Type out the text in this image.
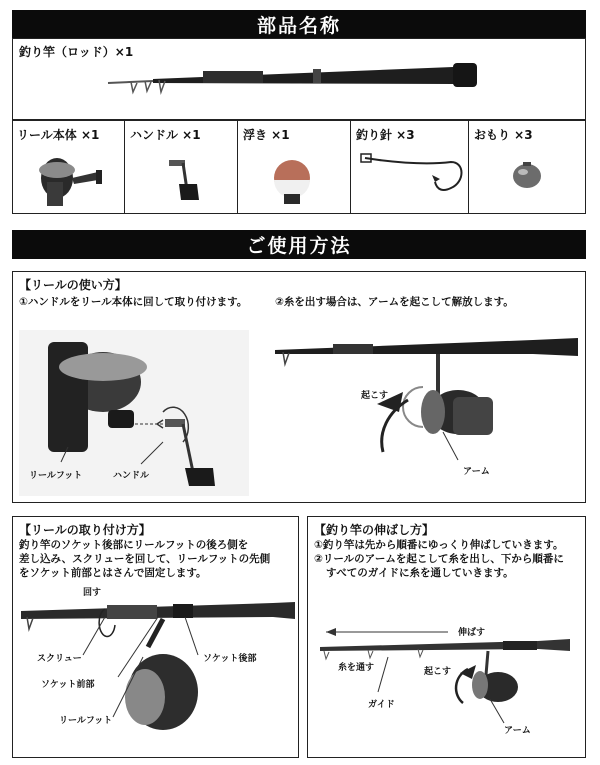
部品名称
釣り竿（ロッド）×1
リール本体 ×1	ハンドル ×1	浮き ×1	釣り針 ×3	おもり ×3
ご使用方法
【リールの使い方】
①ハンドルをリール本体に回して取り付けます。	②糸を出す場合は、アームを起こして解放します。
リールフット	ハンドル
起こす
アーム
【リールの取り付け方】
釣り竿のソケット後部にリールフットの後ろ側を
差し込み、スクリューを回して、リールフットの先側
をソケット前部とはさんで固定します。
回す
スクリュー	ソケット後部
ソケット前部
リールフット
【釣り竿の伸ばし方】
①釣り竿は先から順番にゆっくり伸ばしていきます。
②リールのアームを起こして糸を出し、下から順番に
すべてのガイドに糸を通していきます。
伸ばす
糸を通す	起こす
ガイド
アーム
